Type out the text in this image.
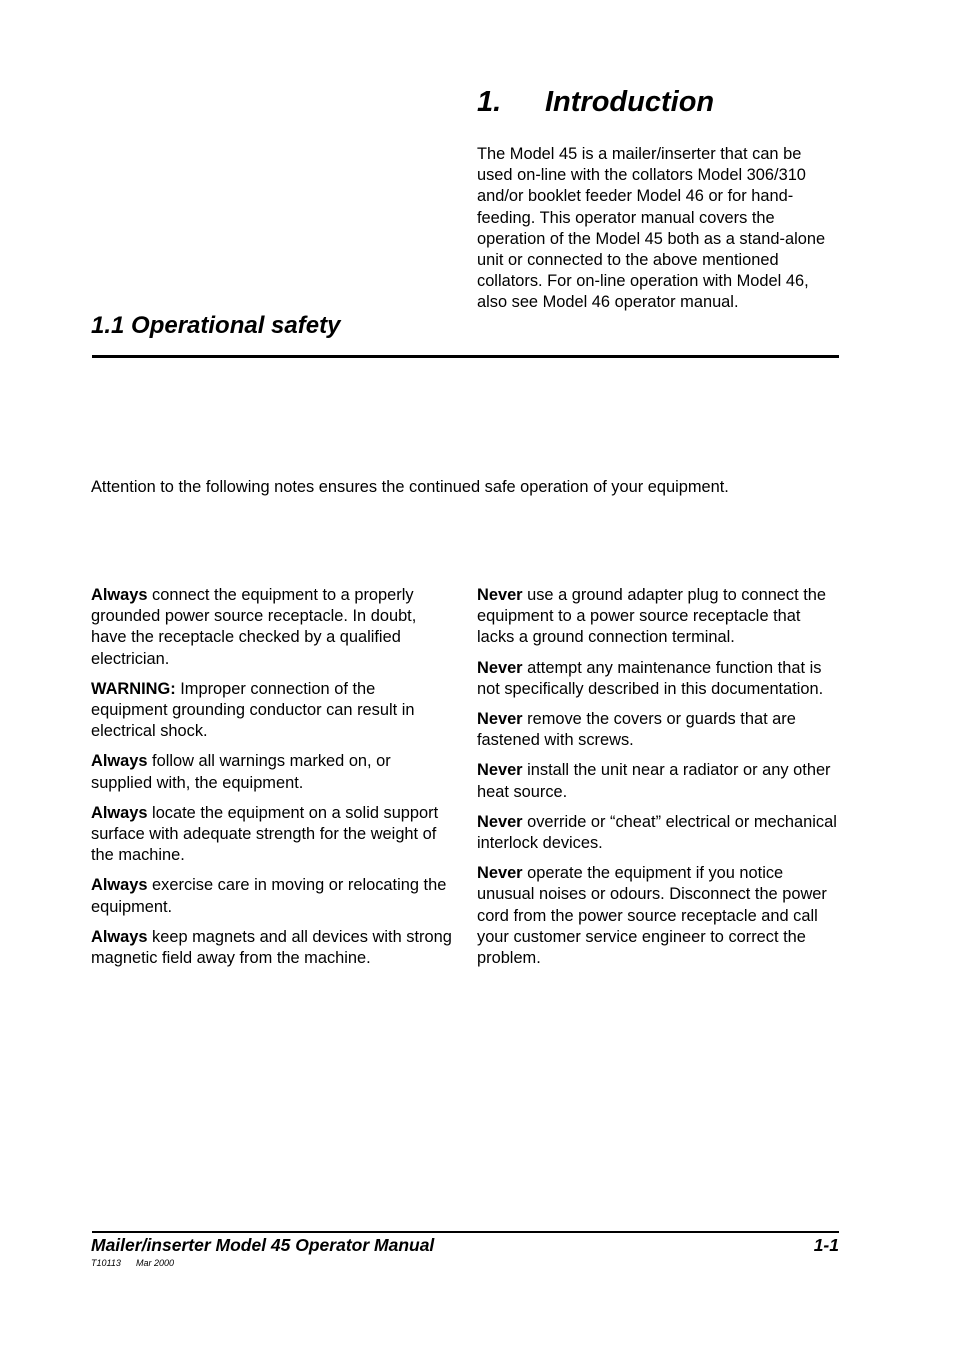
1. Introduction

The Model 45 is a mailer/inserter that can be used on-line with the collators Model 306/310 and/or booklet feeder Model 46 or for hand-feeding. This operator manual covers the operation of the Model 45 both as a stand-alone unit or connected to the above mentioned collators. For on-line operation with Model 46, also see Model 46 operator manual.

1.1 Operational safety

Attention to the following notes ensures the continued safe operation of your equipment.

Always connect the equipment to a properly grounded power source receptacle. In doubt, have the receptacle checked by a qualified electrician.

WARNING: Improper connection of the equipment grounding conductor can result in electrical shock.

Always follow all warnings marked on, or supplied with, the equipment.

Always locate the equipment on a solid support surface with adequate strength for the weight of the machine.

Always exercise care in moving or relocating the equipment.

Always keep magnets and all devices with strong magnetic field away from the machine.

Never use a ground adapter plug to connect the equipment to a power source receptacle that lacks a ground connection terminal.

Never attempt any maintenance function that is not specifically described in this documentation.

Never remove the covers or guards that are fastened with screws.

Never install the unit near a radiator or any other heat source.

Never override or “cheat” electrical or mechanical interlock devices.

Never operate the equipment if you notice unusual noises or odours. Disconnect the power cord from the power source receptacle and call your customer service engineer to correct the problem.

Mailer/inserter Model 45 Operator Manual	1-1
T10113 Mar 2000
